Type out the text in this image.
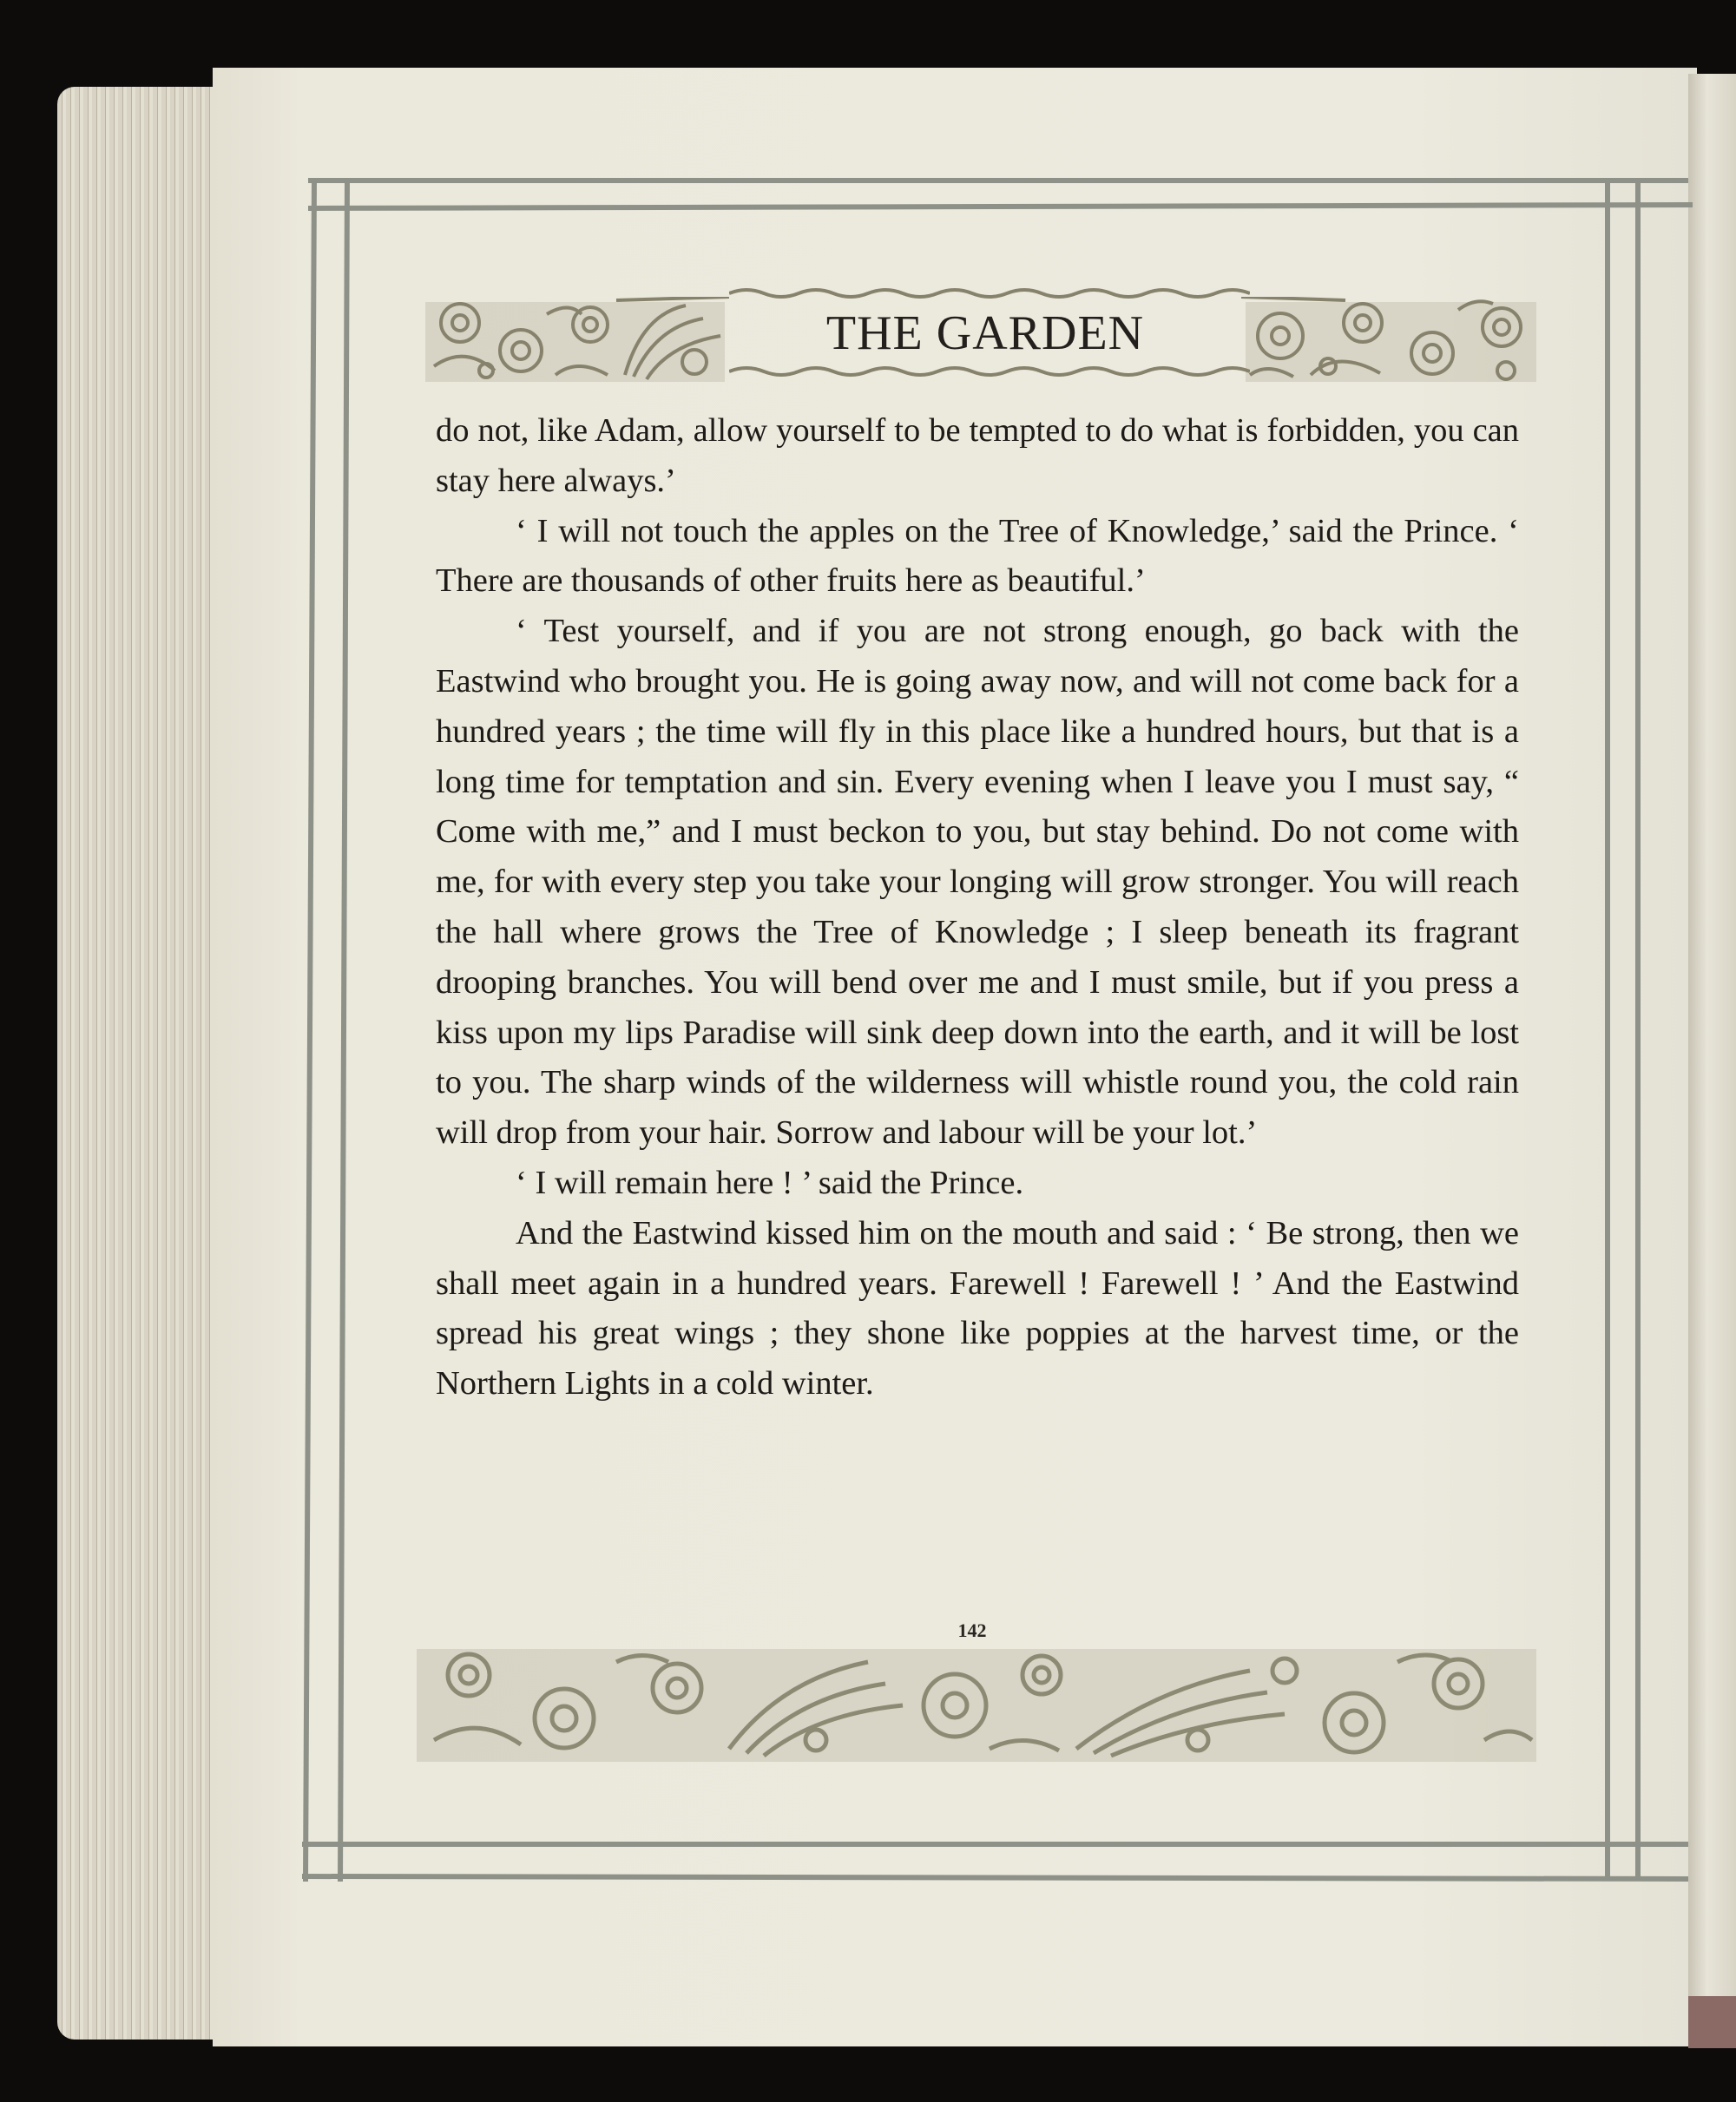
THE GARDEN

do not, like Adam, allow yourself to be tempted to do what is forbidden, you can stay here always.’

‘ I will not touch the apples on the Tree of Knowledge,’ said the Prince. ‘ There are thousands of other fruits here as beautiful.’

‘ Test yourself, and if you are not strong enough, go back with the Eastwind who brought you. He is going away now, and will not come back for a hundred years ; the time will fly in this place like a hundred hours, but that is a long time for temptation and sin. Every evening when I leave you I must say, “ Come with me,” and I must beckon to you, but stay behind. Do not come with me, for with every step you take your longing will grow stronger. You will reach the hall where grows the Tree of Knowledge ; I sleep beneath its fragrant drooping branches. You will bend over me and I must smile, but if you press a kiss upon my lips Paradise will sink deep down into the earth, and it will be lost to you. The sharp winds of the wilderness will whistle round you, the cold rain will drop from your hair. Sorrow and labour will be your lot.’

‘ I will remain here ! ’ said the Prince.

And the Eastwind kissed him on the mouth and said : ‘ Be strong, then we shall meet again in a hundred years. Farewell ! Farewell ! ’ And the Eastwind spread his great wings ; they shone like poppies at the harvest time, or the Northern Lights in a cold winter.

142
